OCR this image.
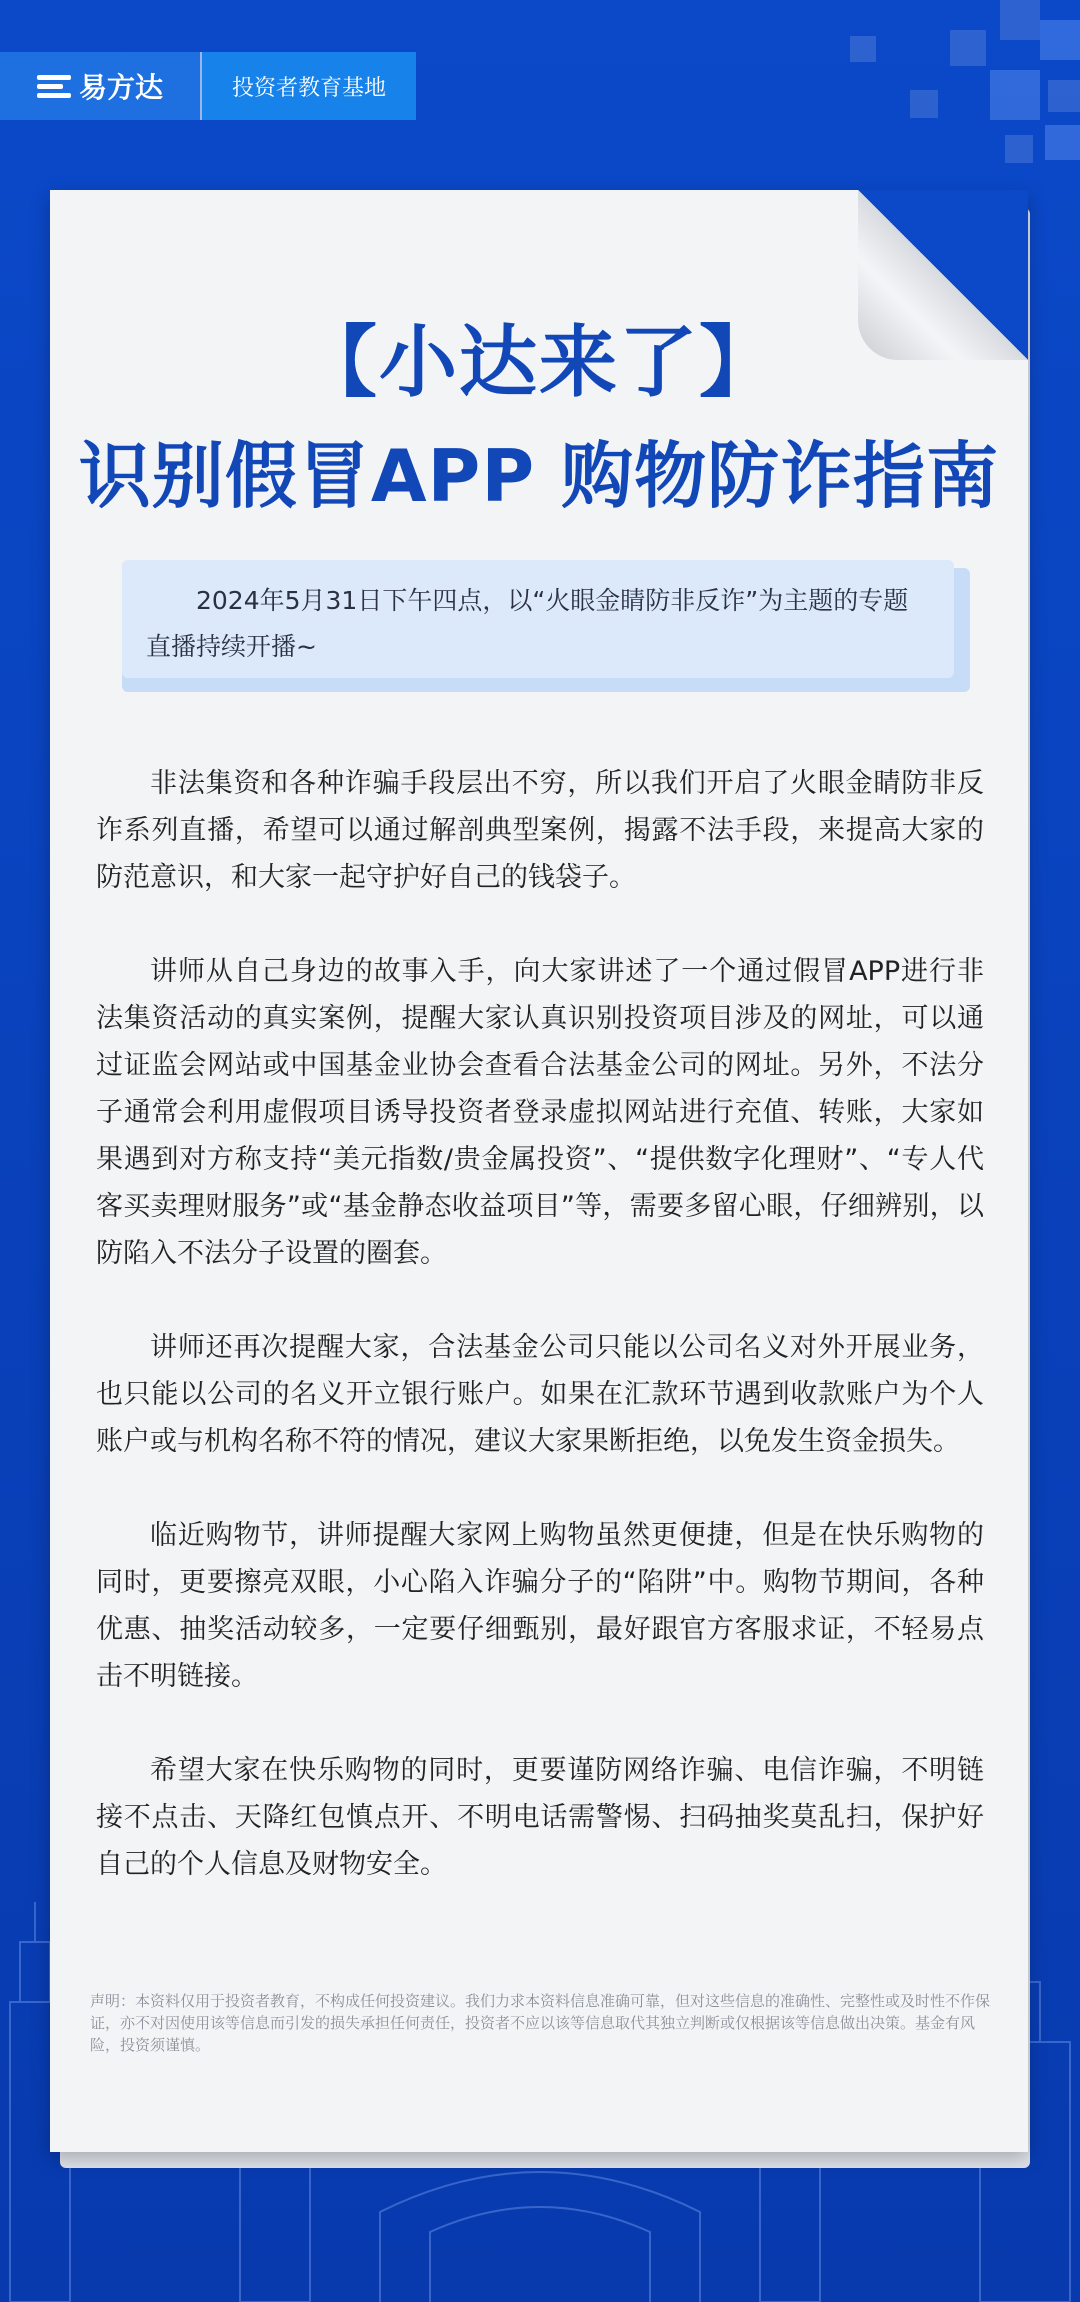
易方达	投资者教育基地
【小达来了】
识别假冒APP 购物防诈指南
2024年5月31日下午四点，以“火眼金睛防非反诈”为主题的专题直播持续开播~

非法集资和各种诈骗手段层出不穷，所以我们开启了火眼金睛防非反诈系列直播，希望可以通过解剖典型案例，揭露不法手段，来提高大家的防范意识，和大家一起守护好自己的钱袋子。

讲师从自己身边的故事入手，向大家讲述了一个通过假冒APP进行非法集资活动的真实案例，提醒大家认真识别投资项目涉及的网址，可以通过证监会网站或中国基金业协会查看合法基金公司的网址。另外，不法分子通常会利用虚假项目诱导投资者登录虚拟网站进行充值、转账，大家如果遇到对方称支持“美元指数/贵金属投资”、“提供数字化理财”、“专人代客买卖理财服务”或“基金静态收益项目”等，需要多留心眼，仔细辨别，以防陷入不法分子设置的圈套。

讲师还再次提醒大家，合法基金公司只能以公司名义对外开展业务，也只能以公司的名义开立银行账户。如果在汇款环节遇到收款账户为个人账户或与机构名称不符的情况，建议大家果断拒绝，以免发生资金损失。

临近购物节，讲师提醒大家网上购物虽然更便捷，但是在快乐购物的同时，更要擦亮双眼，小心陷入诈骗分子的“陷阱”中。购物节期间，各种优惠、抽奖活动较多，一定要仔细甄别，最好跟官方客服求证，不轻易点击不明链接。

希望大家在快乐购物的同时，更要谨防网络诈骗、电信诈骗，不明链接不点击、天降红包慎点开、不明电话需警惕、扫码抽奖莫乱扫，保护好自己的个人信息及财物安全。

声明：本资料仅用于投资者教育，不构成任何投资建议。我们力求本资料信息准确可靠，但对这些信息的准确性、完整性或及时性不作保证，亦不对因使用该等信息而引发的损失承担任何责任，投资者不应以该等信息取代其独立判断或仅根据该等信息做出决策。基金有风险，投资须谨慎。
